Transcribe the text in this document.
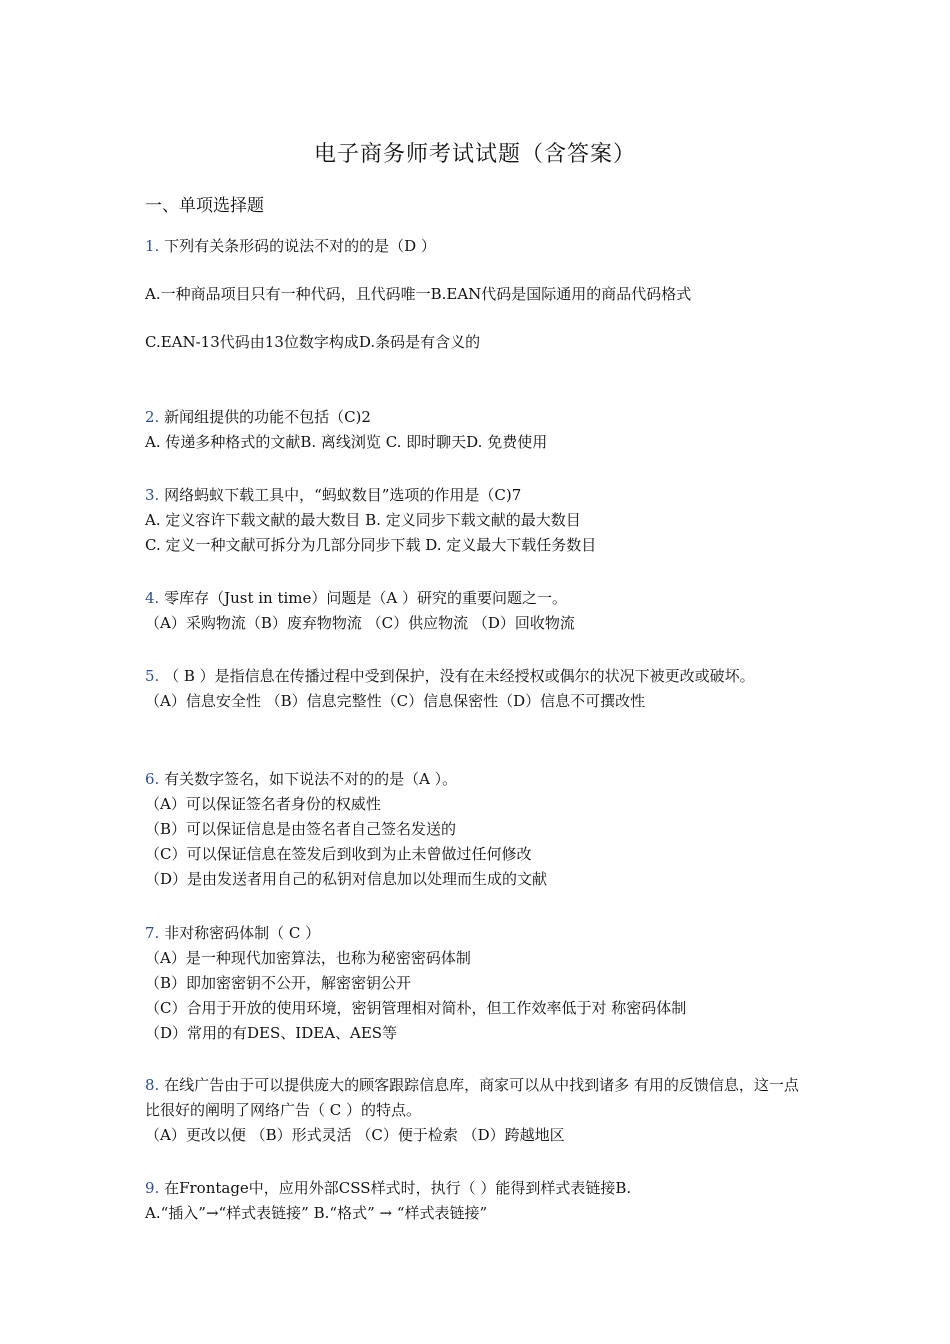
电子商务师考试试题（含答案）
一、单项选择题
1. 下列有关条形码的说法不对的的是（D ）
A.一种商品项目只有一种代码，且代码唯一B.EAN代码是国际通用的商品代码格式
C.EAN-13代码由13位数字构成D.条码是有含义的
2. 新闻组提供的功能不包括（C)2
A. 传递多种格式的文献B. 离线浏览 C. 即时聊天D. 免费使用
3. 网络蚂蚁下载工具中，“蚂蚁数目”选项的作用是（C)7
A. 定义容许下载文献的最大数目 B. 定义同步下载文献的最大数目
C. 定义一种文献可拆分为几部分同步下载 D. 定义最大下载任务数目
4. 零库存（Just in time）问题是（A ）研究的重要问题之一。
（A）采购物流（B）废弃物物流 （C）供应物流 （D）回收物流
5. （ B ）是指信息在传播过程中受到保护，没有在未经授权或偶尔的状况下被更改或破坏。
（A）信息安全性 （B）信息完整性（C）信息保密性（D）信息不可撰改性
6. 有关数字签名，如下说法不对的的是（A ）。
（A）可以保证签名者身份的权威性
（B）可以保证信息是由签名者自己签名发送的
（C）可以保证信息在签发后到收到为止未曾做过任何修改
（D）是由发送者用自己的私钥对信息加以处理而生成的文献
7. 非对称密码体制（ C ）
（A）是一种现代加密算法，也称为秘密密码体制
（B）即加密密钥不公开，解密密钥公开
（C）合用于开放的使用环境，密钥管理相对简朴，但工作效率低于对 称密码体制
（D）常用的有DES、IDEA、AES等
8. 在线广告由于可以提供庞大的顾客跟踪信息库，商家可以从中找到诸多 有用的反馈信息，这一点比很好的阐明了网络广告（ C ）的特点。
（A）更改以便 （B）形式灵活 （C）便于检索 （D）跨越地区
9. 在Frontage中，应用外部CSS样式时，执行（ ）能得到样式表链接B.
A.“插入”→“样式表链接” B.“格式” → “样式表链接”
